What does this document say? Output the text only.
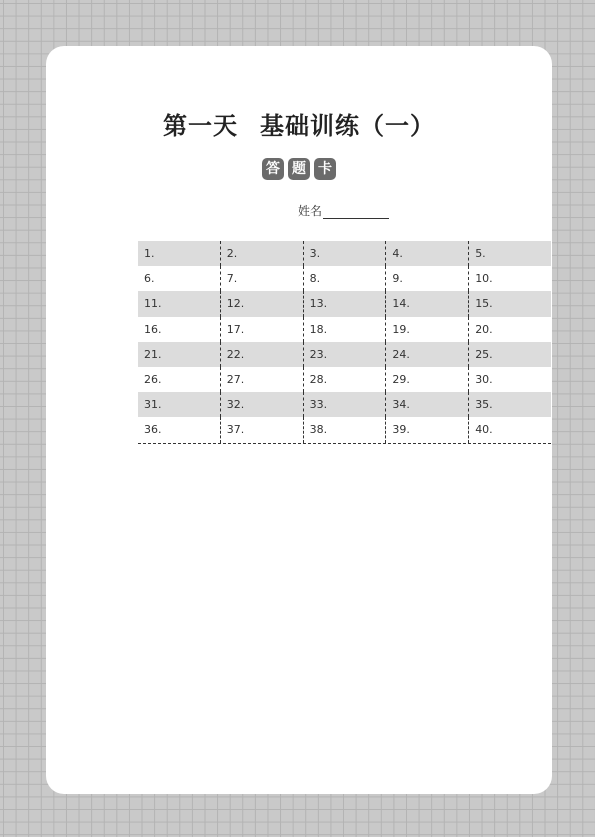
第一天 基础训练（一）
答 题 卡
姓名
1.	2.	3.	4.	5.
6.	7.	8.	9.	10.
11.	12.	13.	14.	15.
16.	17.	18.	19.	20.
21.	22.	23.	24.	25.
26.	27.	28.	29.	30.
31.	32.	33.	34.	35.
36.	37.	38.	39.	40.
